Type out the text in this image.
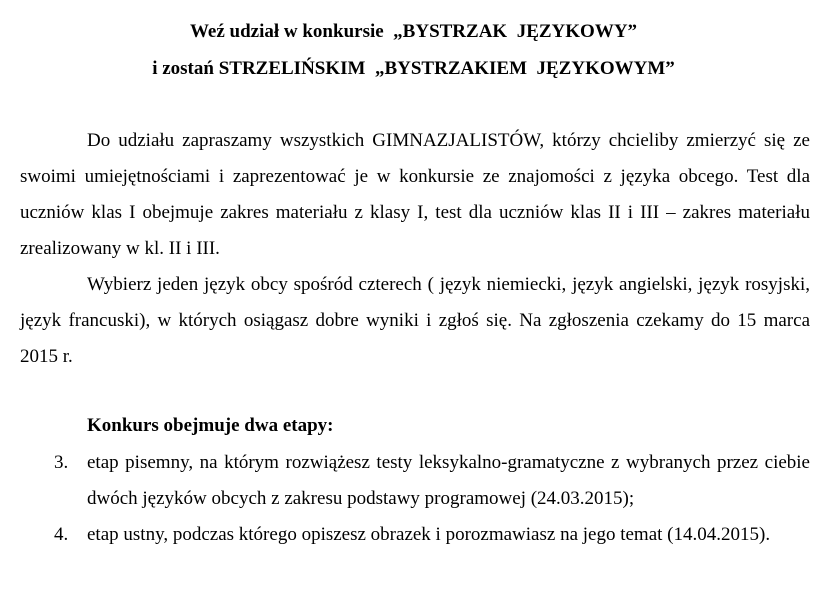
Weź udział w konkursie  „BYSTRZAK  JĘZYKOWY”
i zostań STRZELIŃSKIM  „BYSTRZAKIEM  JĘZYKOWYM”
Do udziału zapraszamy wszystkich GIMNAZJALISTÓW, którzy chcieliby zmierzyć się ze swoimi umiejętnościami i zaprezentować je w konkursie ze znajomości z języka obcego. Test dla uczniów klas I obejmuje zakres materiału z klasy I, test dla uczniów klas II i III – zakres materiału zrealizowany w kl. II i III.
Wybierz jeden język obcy spośród czterech ( język niemiecki, język angielski, język rosyjski, język francuski), w których osiągasz dobre wyniki i zgłoś się. Na zgłoszenia czekamy do 15 marca 2015 r.
Konkurs obejmuje dwa etapy:
3. etap pisemny, na którym rozwiążesz testy leksykalno-gramatyczne z wybranych przez ciebie dwóch języków obcych z zakresu podstawy programowej (24.03.2015);
4. etap ustny, podczas którego opiszesz obrazek i porozmawiasz na jego temat (14.04.2015).
